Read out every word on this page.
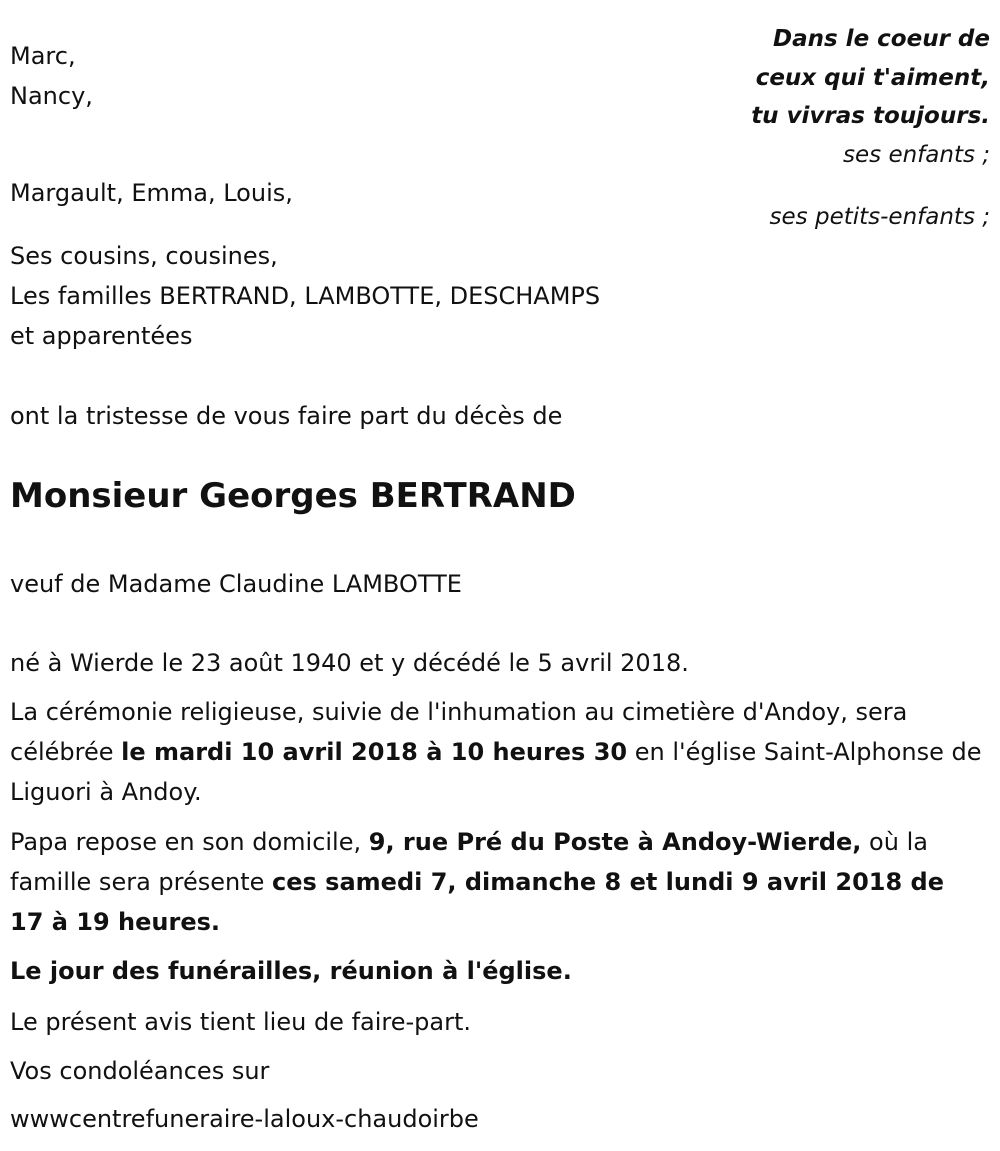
Marc,
Nancy,
Margault, Emma, Louis,
Ses cousins, cousines,
Les familles BERTRAND, LAMBOTTE, DESCHAMPS
et apparentées
Dans le coeur de
ceux qui t'aiment,
tu vivras toujours.
ses enfants ;
ses petits-enfants ;
ont la tristesse de vous faire part du décès de
Monsieur Georges BERTRAND
veuf de Madame Claudine LAMBOTTE
né à Wierde le 23 août 1940 et y décédé le 5 avril 2018.
La cérémonie religieuse, suivie de l'inhumation au cimetière d'Andoy, sera célébrée le mardi 10 avril 2018 à 10 heures 30 en l'église Saint-Alphonse de Liguori à Andoy.
Papa repose en son domicile, 9, rue Pré du Poste à Andoy-Wierde, où la famille sera présente ces samedi 7, dimanche 8 et lundi 9 avril 2018 de 17 à 19 heures.
Le jour des funérailles, réunion à l'église.
Le présent avis tient lieu de faire-part.
Vos condoléances sur
wwwcentrefuneraire-laloux-chaudoirbe
